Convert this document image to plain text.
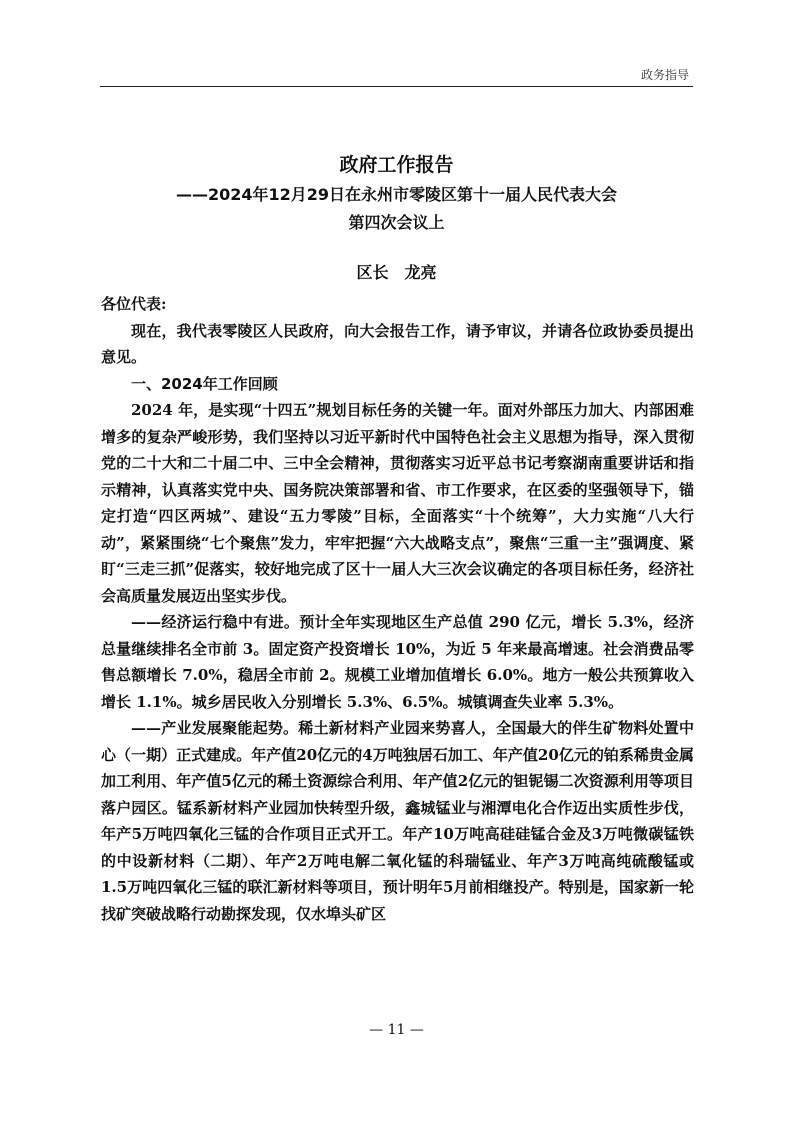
政务指导
政府工作报告
——2024年12月29日在永州市零陵区第十一届人民代表大会
第四次会议上
区长　龙亮

各位代表:

现在，我代表零陵区人民政府，向大会报告工作，请予审议，并请各位政协委员提出意见。

一、2024年工作回顾

2024 年，是实现“十四五”规划目标任务的关键一年。面对外部压力加大、内部困难增多的复杂严峻形势，我们坚持以习近平新时代中国特色社会主义思想为指导，深入贯彻党的二十大和二十届二中、三中全会精神，贯彻落实习近平总书记考察湖南重要讲话和指示精神，认真落实党中央、国务院决策部署和省、市工作要求，在区委的坚强领导下，锚定打造“四区两城”、建设“五力零陵”目标，全面落实“十个统筹”，大力实施“八大行动”，紧紧围绕“七个聚焦”发力，牢牢把握“六大战略支点”，聚焦“三重一主”强调度、紧盯“三走三抓”促落实，较好地完成了区十一届人大三次会议确定的各项目标任务，经济社会高质量发展迈出坚实步伐。

——经济运行稳中有进。预计全年实现地区生产总值 290 亿元，增长 5.3%，经济总量继续排名全市前 3。固定资产投资增长 10%，为近 5 年来最高增速。社会消费品零售总额增长 7.0%，稳居全市前 2。规模工业增加值增长 6.0%。地方一般公共预算收入增长 1.1%。城乡居民收入分别增长 5.3%、6.5%。城镇调查失业率 5.3%。

——产业发展聚能起势。稀土新材料产业园来势喜人，全国最大的伴生矿物料处置中心（一期）正式建成。年产值20亿元的4万吨独居石加工、年产值20亿元的铂系稀贵金属加工利用、年产值5亿元的稀土资源综合利用、年产值2亿元的钽铌锡二次资源利用等项目落户园区。锰系新材料产业园加快转型升级，鑫城锰业与湘潭电化合作迈出实质性步伐，年产5万吨四氧化三锰的合作项目正式开工。年产10万吨高硅硅锰合金及3万吨微碳锰铁的中设新材料（二期）、年产2万吨电解二氧化锰的科瑞锰业、年产3万吨高纯硫酸锰或1.5万吨四氧化三锰的联汇新材料等项目，预计明年5月前相继投产。特别是，国家新一轮找矿突破战略行动勘探发现，仅水埠头矿区

— 11 —
